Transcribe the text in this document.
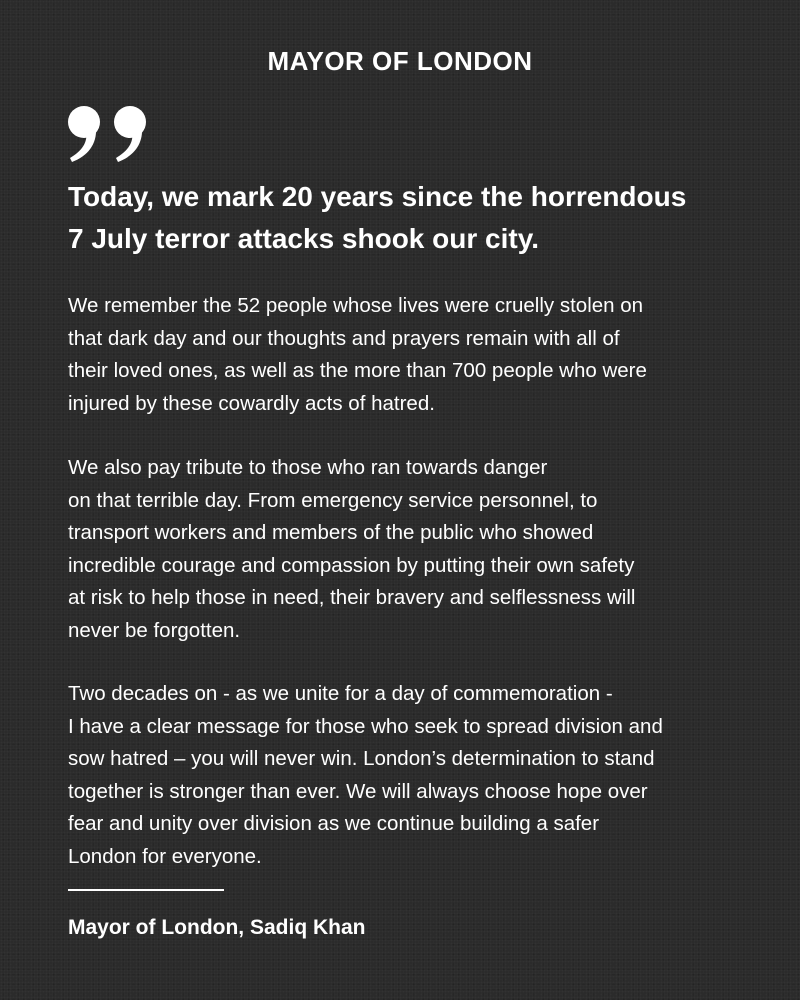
MAYOR OF LONDON
Today, we mark 20 years since the horrendous
7 July terror attacks shook our city.
We remember the 52 people whose lives were cruelly stolen on
that dark day and our thoughts and prayers remain with all of
their loved ones, as well as the more than 700 people who were
injured by these cowardly acts of hatred.
We also pay tribute to those who ran towards danger
on that terrible day. From emergency service personnel, to
transport workers and members of the public who showed
incredible courage and compassion by putting their own safety
at risk to help those in need, their bravery and selflessness will
never be forgotten.
Two decades on - as we unite for a day of commemoration -
I have a clear message for those who seek to spread division and
sow hatred – you will never win. London’s determination to stand
together is stronger than ever. We will always choose hope over
fear and unity over division as we continue building a safer
London for everyone.
Mayor of London, Sadiq Khan
